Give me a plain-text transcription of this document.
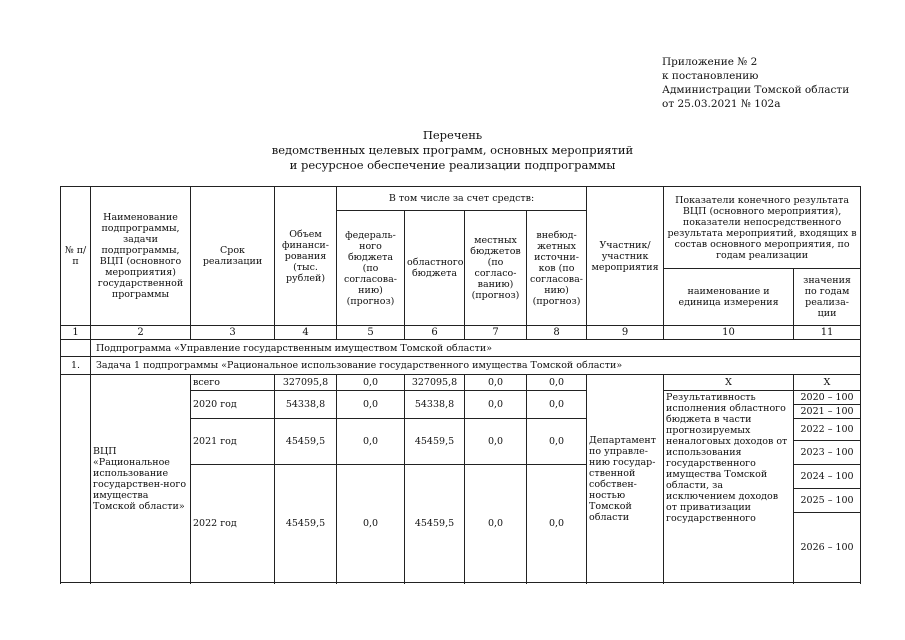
Приложение № 2
к постановлению
Администрации Томской области
от 25.03.2021 № 102а
Перечень
ведомственных целевых программ, основных мероприятий
и ресурсное обеспечение реализации подпрограммы
№ п/п	Наименование подпрограммы, задачи подпрограммы, ВЦП (основного мероприятия) государственной программы	Срок реализации	Объем финанси-рования (тыс. рублей)	В том числе за счет средств:				Участник/ участник мероприятия	Показатели конечного результата ВЦП (основного мероприятия), показатели непосредственного результата мероприятий, входящих в состав основного мероприятия, по годам реализации	
				федераль-ного бюджета (по согласова-нию) (прогноз)	областного бюджета	местных бюджетов (по согласо-ванию) (прогноз)	внебюд-жетных источни-ков (по согласова-нию) (прогноз)			
									наименование и единица измерения	значения по годам реализа-ции
1	2	3	4	5	6	7	8	9	10	11
	Подпрограмма «Управление государственным имуществом Томской области»									
1.	Задача 1 подпрограммы «Рациональное использование государственного имущества Томской области»									
	ВЦП «Рациональное использование государствен-ного имущества Томской области»	всего	327095,8	0,0	327095,8	0,0	0,0	Департамент по управле-нию государ-ственной собствен-ностью Томской области	Х	Х
		2020 год	54338,8	0,0	54338,8	0,0	0,0		Результативность исполнения областного бюджета в части прогнозируемых неналоговых доходов от использования государственного имущества Томской области, за исключением доходов от приватизации государственного	2020 – 100
										2021 – 100
		2021 год	45459,5	0,0	45459,5	0,0	0,0			2022 – 100
										2023 – 100
		2022 год	45459,5	0,0	45459,5	0,0	0,0			2024 – 100
										2025 – 100
										2026 – 100
